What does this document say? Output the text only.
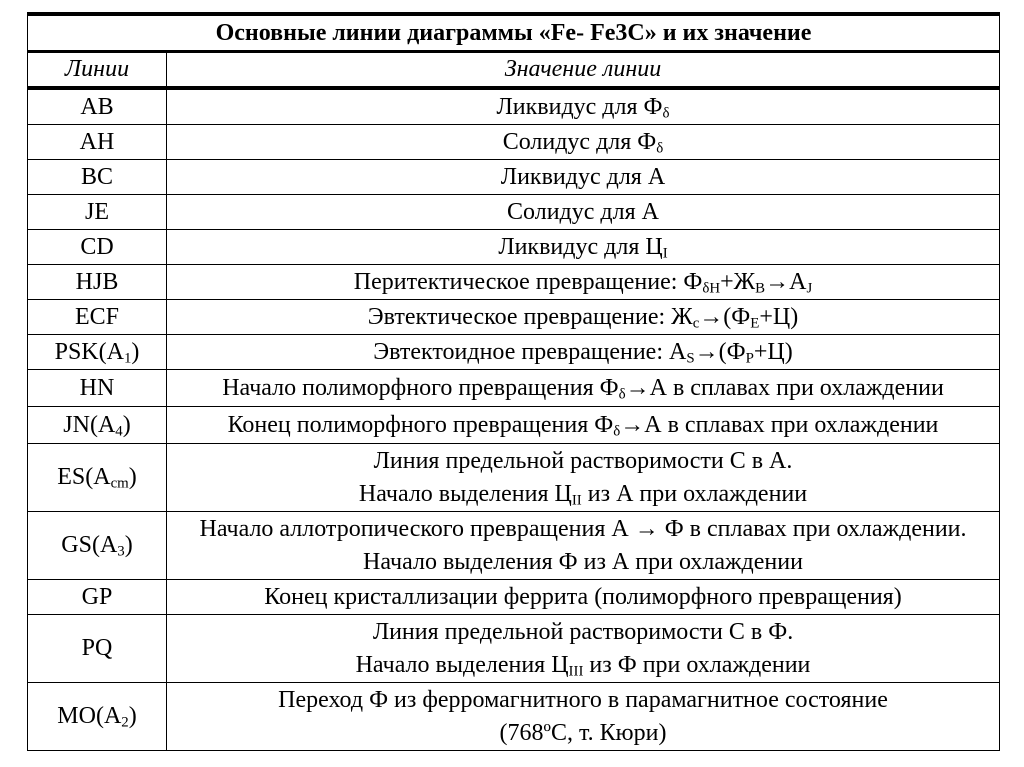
Основные линии диаграммы «Fe- Fe3C» и их значение	
Линии	Значение линии
AB	Ликвидус для $Ф_\delta$

AH	Солидус для $Ф_\delta$

BC	Ликвидус для А

JE	Солидус для А

CD	Ликвидус для $Ц_I$

HJB	Перитектическое превращение: $Ф_{\delta H}+Ж_B\to А_J$

ECF	Эвтектическое превращение: $Ж_c\to(Ф_E+Ц)$

$PSK(A_1)$	Эвтектоидное превращение: $А_S\to(Ф_P+Ц)$

HN	Начало полиморфного превращения $Ф_\delta\to А$ в сплавах при охлаждении

$JN(A_4)$	Конец полиморфного превращения $Ф_\delta\to А$ в сплавах при охлаждении

$ES(A_{cm})$	Линия предельной растворимости С в А.
Начало выделения $Ц_{II}$ из А при охлаждении

$GS(A_3)$	Начало аллотропического превращения А → Ф в сплавах при охлаждении.
Начало выделения Ф из А при охлаждении

GP	Конец кристаллизации феррита (полиморфного превращения)

PQ	Линия предельной растворимости С в Ф.
Начало выделения $Ц_{III}$ из Ф при охлаждении

$MO(A_2)$	Переход Ф из ферромагнитного в парамагнитное состояние
(768ºC, т. Кюри)
